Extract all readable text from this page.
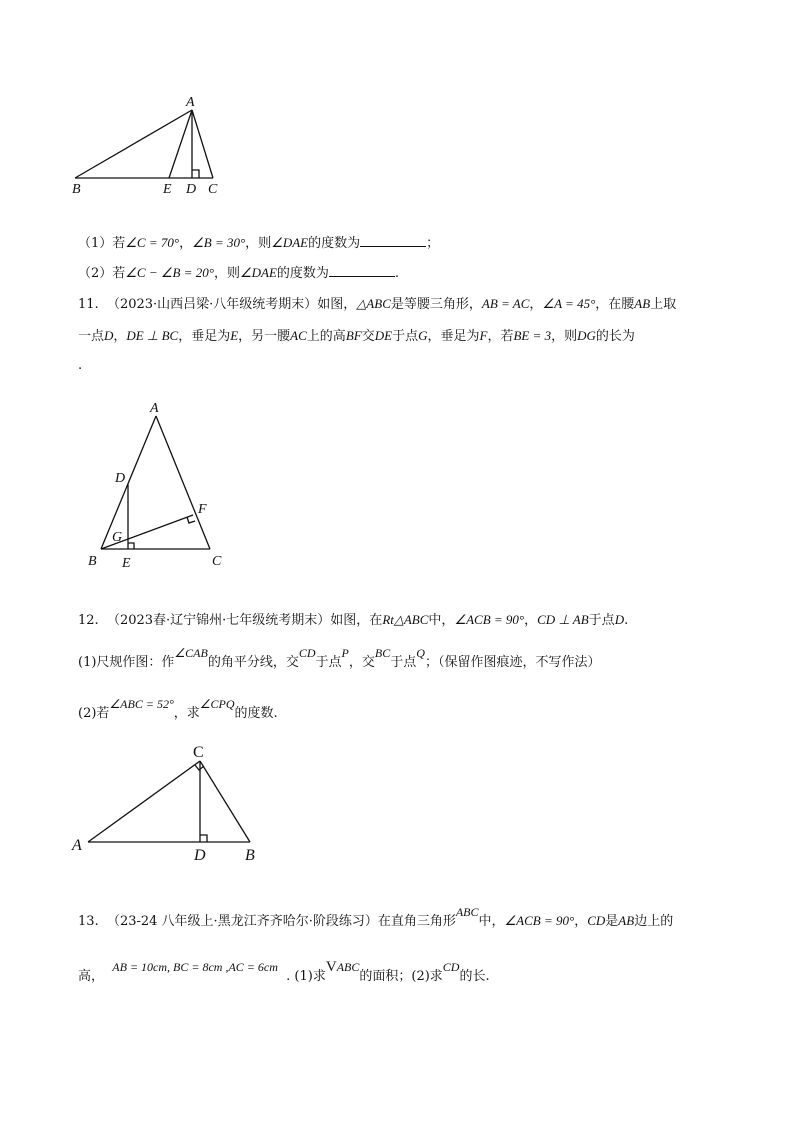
A
B	E D C
（1）若∠C = 70°，∠B = 30°，则∠DAE的度数为	；
（2）若∠C − ∠B = 20°，则∠DAE的度数为	.
11. （2023·山西吕梁·八年级统考期末）如图，△ABC是等腰三角形，AB = AC，∠A = 45°，在腰AB上取
一点D，DE ⊥ BC，垂足为E，另一腰AC上的高BF交DE于点G，垂足为F，若BE = 3，则DG的长为
.
A
D
F
G
B E	C
12. （2023春·辽宁锦州·七年级统考期末）如图，在Rt△ABC中，∠ACB = 90°，CD ⊥ AB于点D.
(1)尺规作图：作∠CAB的角平分线，交CD于点P，交BC于点Q；（保留作图痕迹，不写作法）
(2)若∠ABC = 52°，求∠CPQ的度数.
C
A
D B
13. （23-24 八年级上·黑龙江齐齐哈尔·阶段练习）在直角三角形ABC中，∠ACB = 90°，CD是AB边上的
高，  AB = 10cm, BC = 8cm ,AC = 6cm  . (1)求VABC的面积；(2)求CD的长.
